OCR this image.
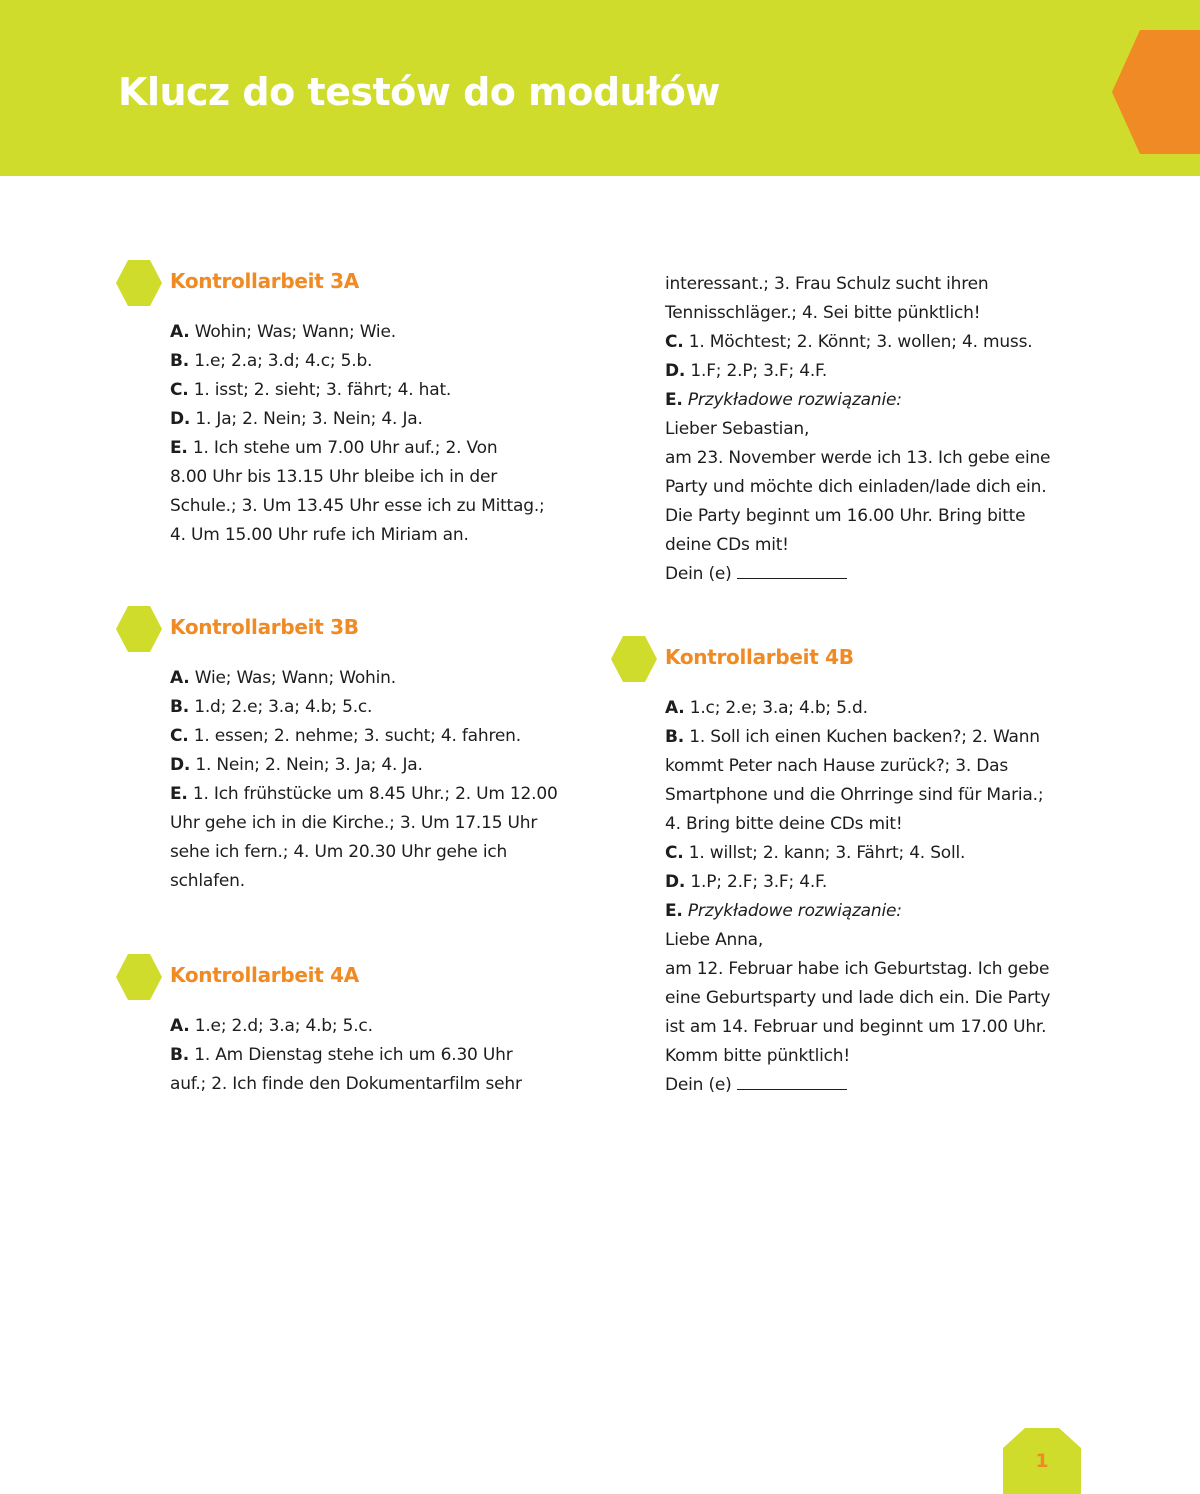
Klucz do testów do modułów
Kontrollarbeit 3A
A. Wohin; Was; Wann; Wie.
B. 1.e; 2.a; 3.d; 4.c; 5.b.
C. 1. isst; 2. sieht; 3. fährt; 4. hat.
D. 1. Ja; 2. Nein; 3. Nein; 4. Ja.
E. 1. Ich stehe um 7.00 Uhr auf.; 2. Von
8.00 Uhr bis 13.15 Uhr bleibe ich in der
Schule.; 3. Um 13.45 Uhr esse ich zu Mittag.;
4. Um 15.00 Uhr rufe ich Miriam an.
Kontrollarbeit 3B
A. Wie; Was; Wann; Wohin.
B. 1.d; 2.e; 3.a; 4.b; 5.c.
C. 1. essen; 2. nehme; 3. sucht; 4. fahren.
D. 1. Nein; 2. Nein; 3. Ja; 4. Ja.
E. 1. Ich frühstücke um 8.45 Uhr.; 2. Um 12.00
Uhr gehe ich in die Kirche.; 3. Um 17.15 Uhr
sehe ich fern.; 4. Um 20.30 Uhr gehe ich
schlafen.
Kontrollarbeit 4A
A. 1.e; 2.d; 3.a; 4.b; 5.c.
B. 1. Am Dienstag stehe ich um 6.30 Uhr
auf.; 2. Ich finde den Dokumentarfilm sehr
interessant.; 3. Frau Schulz sucht ihren
Tennisschläger.; 4. Sei bitte pünktlich!
C. 1. Möchtest; 2. Könnt; 3. wollen; 4. muss.
D. 1.F; 2.P; 3.F; 4.F.
E. Przykładowe rozwiązanie:
Lieber Sebastian,
am 23. November werde ich 13. Ich gebe eine
Party und möchte dich einladen/lade dich ein.
Die Party beginnt um 16.00 Uhr. Bring bitte
deine CDs mit!
Dein (e)
Kontrollarbeit 4B
A. 1.c; 2.e; 3.a; 4.b; 5.d.
B. 1. Soll ich einen Kuchen backen?; 2. Wann
kommt Peter nach Hause zurück?; 3. Das
Smartphone und die Ohrringe sind für Maria.;
4. Bring bitte deine CDs mit!
C. 1. willst; 2. kann; 3. Fährt; 4. Soll.
D. 1.P; 2.F; 3.F; 4.F.
E. Przykładowe rozwiązanie:
Liebe Anna,
am 12. Februar habe ich Geburtstag. Ich gebe
eine Geburtsparty und lade dich ein. Die Party
ist am 14. Februar und beginnt um 17.00 Uhr.
Komm bitte pünktlich!
Dein (e)
1
